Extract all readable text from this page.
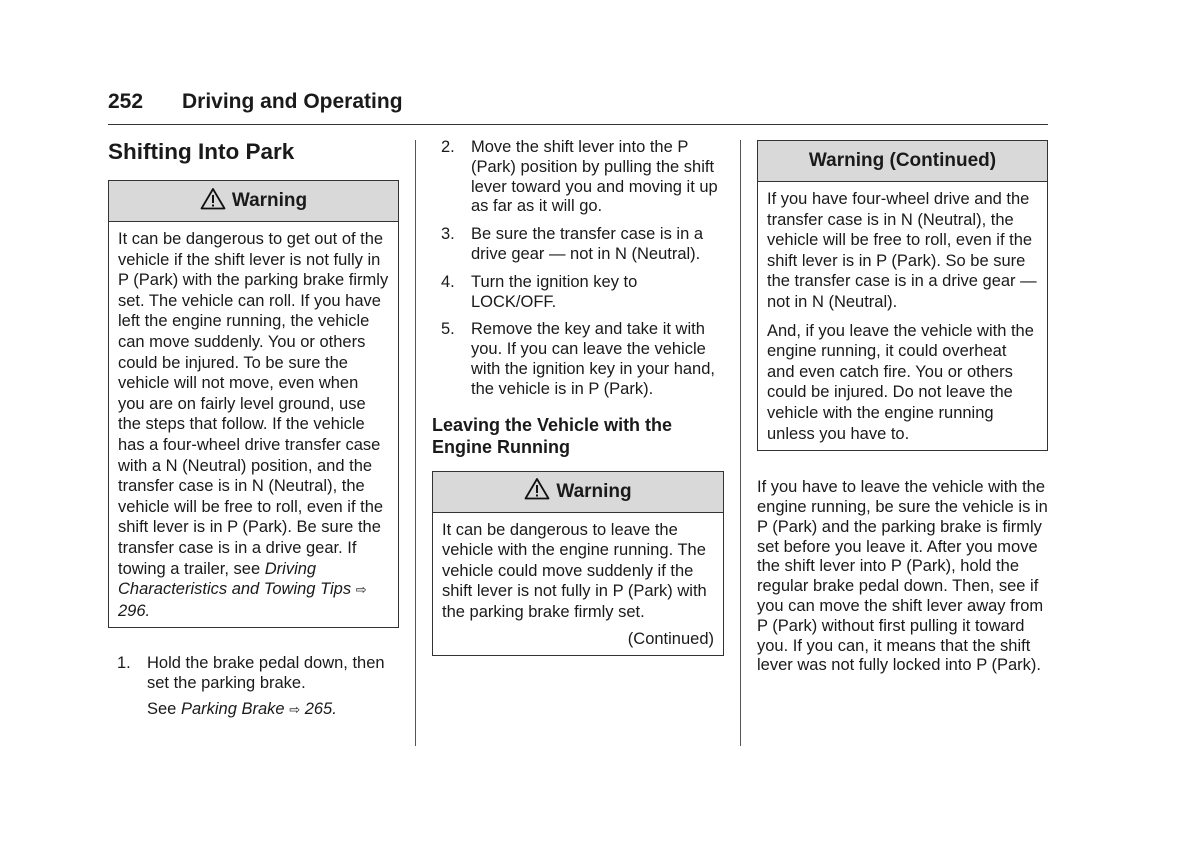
252 Driving and Operating
Shifting Into Park
Warning
It can be dangerous to get out of the vehicle if the shift lever is not fully in P (Park) with the parking brake firmly set. The vehicle can roll. If you have left the engine running, the vehicle can move suddenly. You or others could be injured. To be sure the vehicle will not move, even when you are on fairly level ground, use the steps that follow. If the vehicle has a four-wheel drive transfer case with a N (Neutral) position, and the transfer case is in N (Neutral), the vehicle will be free to roll, even if the shift lever is in P (Park). Be sure the transfer case is in a drive gear. If towing a trailer, see Driving Characteristics and Towing Tips ⇨ 296.
1. Hold the brake pedal down, then set the parking brake.
See Parking Brake ⇨ 265.
2. Move the shift lever into the P (Park) position by pulling the shift lever toward you and moving it up as far as it will go.
3. Be sure the transfer case is in a drive gear — not in N (Neutral).
4. Turn the ignition key to LOCK/OFF.
5. Remove the key and take it with you. If you can leave the vehicle with the ignition key in your hand, the vehicle is in P (Park).
Leaving the Vehicle with the Engine Running
Warning
It can be dangerous to leave the vehicle with the engine running. The vehicle could move suddenly if the shift lever is not fully in P (Park) with the parking brake firmly set.
(Continued)
Warning (Continued)

If you have four-wheel drive and the transfer case is in N (Neutral), the vehicle will be free to roll, even if the shift lever is in P (Park). So be sure the transfer case is in a drive gear — not in N (Neutral).

And, if you leave the vehicle with the engine running, it could overheat and even catch fire. You or others could be injured. Do not leave the vehicle with the engine running unless you have to.

If you have to leave the vehicle with the engine running, be sure the vehicle is in P (Park) and the parking brake is firmly set before you leave it. After you move the shift lever into P (Park), hold the regular brake pedal down. Then, see if you can move the shift lever away from P (Park) without first pulling it toward you. If you can, it means that the shift lever was not fully locked into P (Park).
